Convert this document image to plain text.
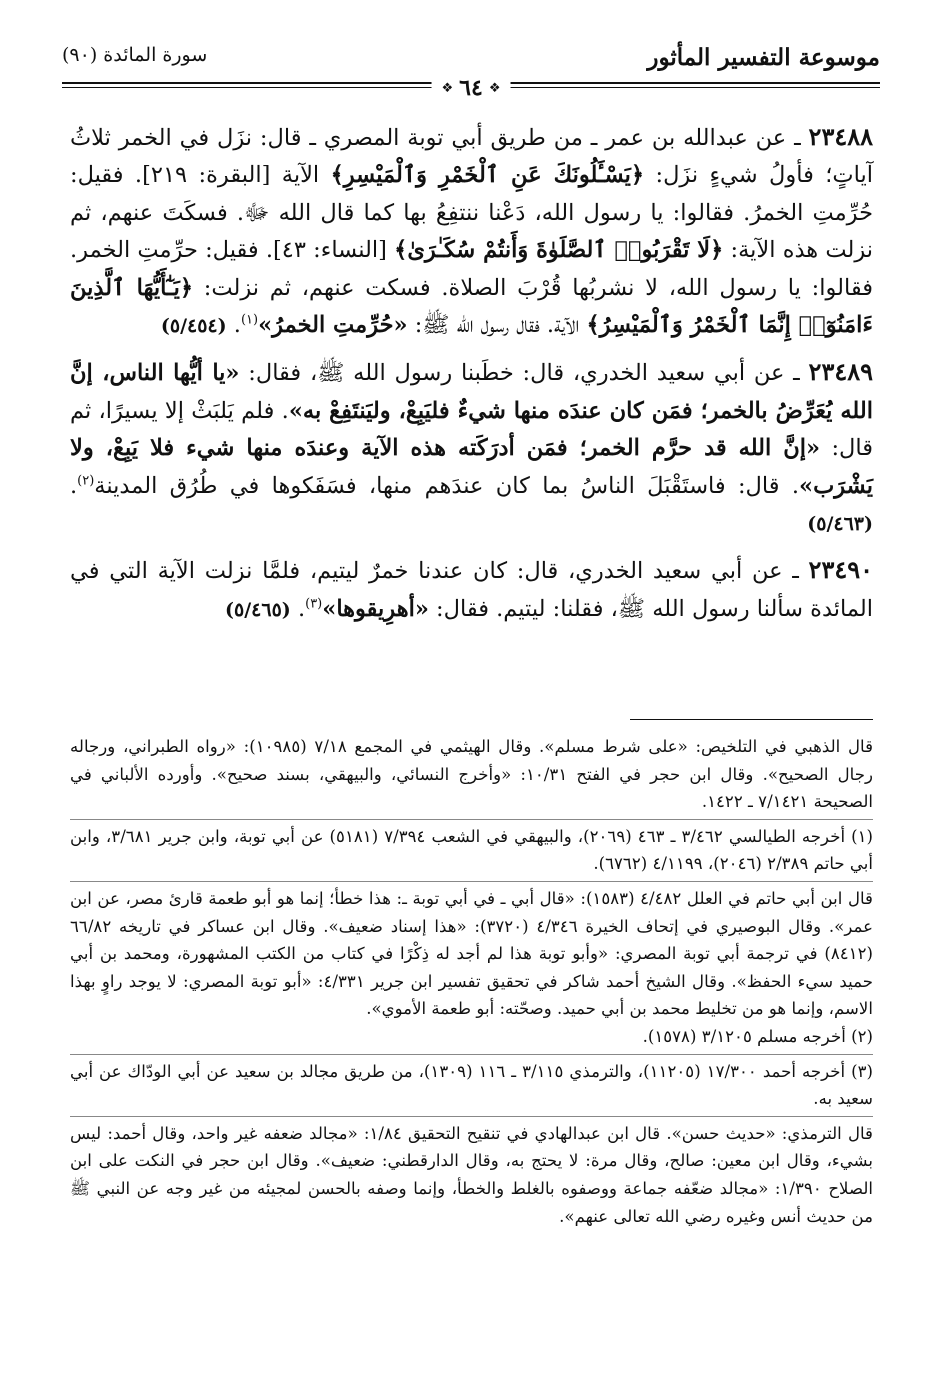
موسوعة التفسير المأثور
سورة المائدة (٩٠)
❖ ٦٤ ❖

٢٣٤٨٨ ـ عن عبدالله بن عمر ـ من طريق أبي توبة المصري ـ قال: نزَل في الخمر ثلاثُ آياتٍ؛ فأولُ شيءٍ نزَل: ﴿يَسْـَٔلُونَكَ عَنِ ٱلْخَمْرِ وَٱلْمَيْسِرِ﴾ الآية [البقرة: ٢١٩]. فقيل: حُرِّمتِ الخمرُ. فقالوا: يا رسول الله، دَعْنا ننتفِعُ بها كما قال الله ﷻ. فسكَتَ عنهم، ثم نزلت هذه الآية: ﴿لَا تَقْرَبُوا۟ ٱلصَّلَوٰةَ وَأَنتُمْ سُكَـٰرَىٰ﴾ [النساء: ٤٣]. فقيل: حرِّمتِ الخمر. فقالوا: يا رسول الله، لا نشربُها قُرْبَ الصلاة. فسكت عنهم، ثم نزلت: ﴿يَـٰٓأَيُّهَا ٱلَّذِينَ ءَامَنُوٓا۟ إِنَّمَا ٱلْخَمْرُ وَٱلْمَيْسِرُ﴾ الآية. فقال رسول الله ﷺ: «حُرِّمتِ الخمرُ»$^{(١)}$. (٥/٤٥٤)

٢٣٤٨٩ ـ عن أبي سعيد الخدري، قال: خطَبنا رسول الله ﷺ، فقال: «يا أيُّها الناس، إنَّ الله يُعَرِّضُ بالخمر؛ فمَن كان عندَه منها شيءٌ فليَبِعْ، وليَنتَفِعْ به». فلم يَلبَثْ إلا يسيرًا، ثم قال: «إنَّ الله قد حرَّم الخمر؛ فمَن أدرَكَته هذه الآية وعندَه منها شيء فلا يَبِعْ، ولا يَشْرَب». قال: فاستَقْبَلَ الناسُ بما كان عندَهم منها، فسَفَكوها في طُرُق المدينة$^{(٢)}$. (٥/٤٦٣)

٢٣٤٩٠ ـ عن أبي سعيد الخدري، قال: كان عندنا خمرٌ ليتيم، فلمَّا نزلت الآية التي في المائدة سألنا رسول الله ﷺ، فقلنا: ليتيم. فقال: «أهرِيقوها»$^{(٣)}$. (٥/٤٦٥)

قال الذهبي في التلخيص: «على شرط مسلم». وقال الهيثمي في المجمع ٧/١٨ (١٠٩٨٥): «رواه الطبراني، ورجاله رجال الصحيح». وقال ابن حجر في الفتح ١٠/٣١: «وأخرج النسائي، والبيهقي، بسند صحيح». وأورده الألباني في الصحيحة ٧/١٤٢١ ـ ١٤٢٢.

(١) أخرجه الطيالسي ٣/٤٦٢ ـ ٤٦٣ (٢٠٦٩)، والبيهقي في الشعب ٧/٣٩٤ (٥١٨١) عن أبي توبة، وابن جرير ٣/٦٨١، وابن أبي حاتم ٢/٣٨٩ (٢٠٤٦)، ٤/١١٩٩ (٦٧٦٢).

قال ابن أبي حاتم في العلل ٤/٤٨٢ (١٥٨٣): «قال أبي ـ في أبي توبة ـ: هذا خطأ؛ إنما هو أبو طعمة قارئ مصر، عن ابن عمر». وقال البوصيري في إتحاف الخيرة ٤/٣٤٦ (٣٧٢٠): «هذا إسناد ضعيف». وقال ابن عساكر في تاريخه ٦٦/٨٢ (٨٤١٢) في ترجمة أبي توبة المصري: «وأبو توبة هذا لم أجد له ذِكْرًا في كتاب من الكتب المشهورة، ومحمد بن أبي حميد سيء الحفظ». وقال الشيخ أحمد شاكر في تحقيق تفسير ابن جرير ٤/٣٣١: «أبو توبة المصري: لا يوجد راوٍ بهذا الاسم، وإنما هو من تخليط محمد بن أبي حميد. وصحّته: أبو طعمة الأموي».

(٢) أخرجه مسلم ٣/١٢٠٥ (١٥٧٨).

(٣) أخرجه أحمد ١٧/٣٠٠ (١١٢٠٥)، والترمذي ٣/١١٥ ـ ١١٦ (١٣٠٩)، من طريق مجالد بن سعيد عن أبي الودّاك عن أبي سعيد به.

قال الترمذي: «حديث حسن». قال ابن عبدالهادي في تنقيح التحقيق ١/٨٤: «مجالد ضعفه غير واحد، وقال أحمد: ليس بشيء، وقال ابن معين: صالح، وقال مرة: لا يحتج به، وقال الدارقطني: ضعيف». وقال ابن حجر في النكت على ابن الصلاح ١/٣٩٠: «مجالد ضعّفه جماعة ووصفوه بالغلط والخطأ، وإنما وصفه بالحسن لمجيئه من غير وجه عن النبي ﷺ من حديث أنس وغيره رضي الله تعالى عنهم».
